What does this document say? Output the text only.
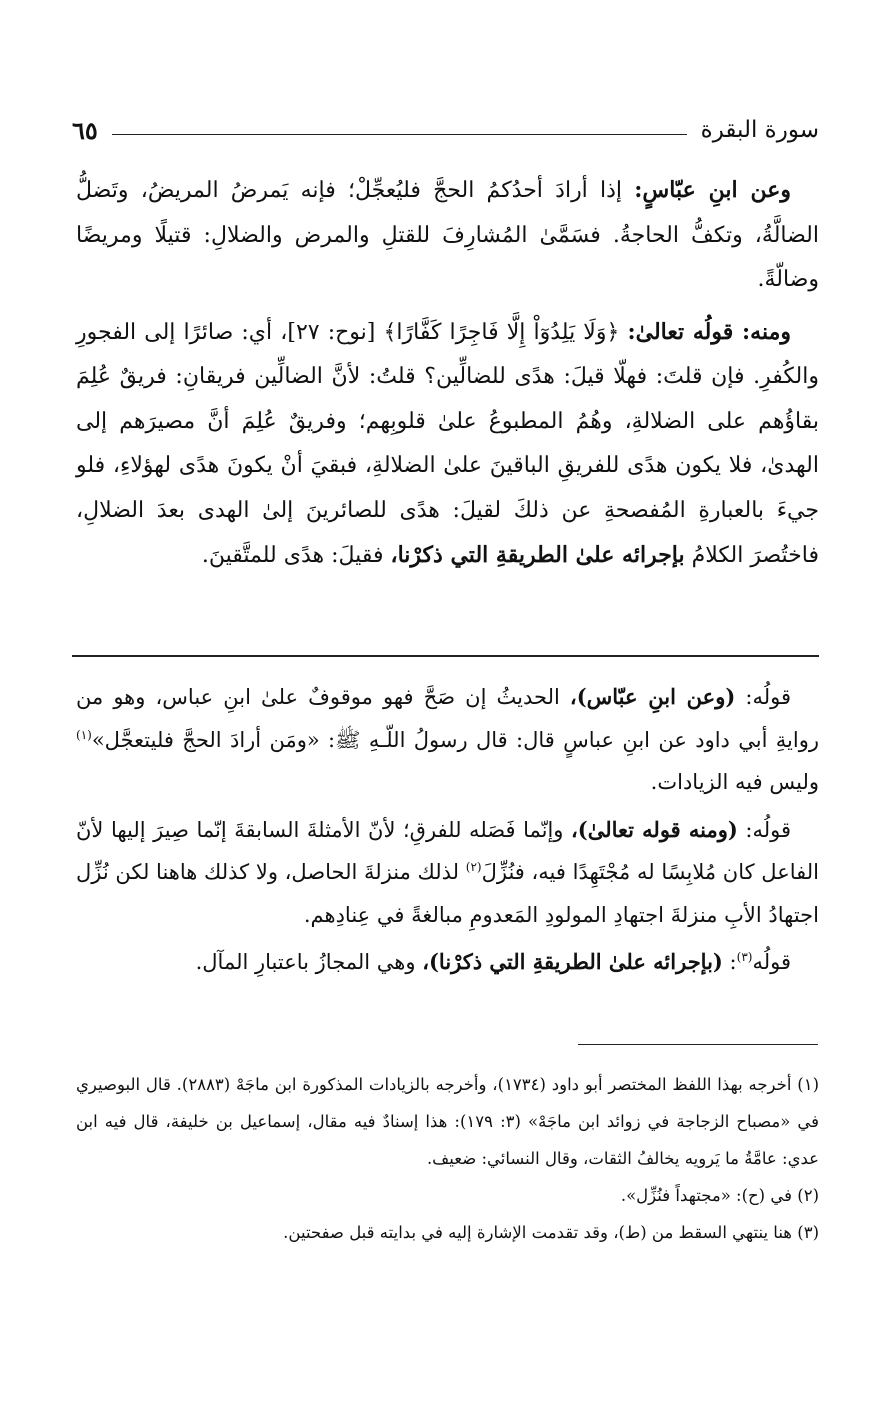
سورة البقرة
٦٥

وعن ابنِ عبّاسٍ: إذا أرادَ أحدُكمُ الحجَّ فليُعجِّلْ؛ فإنه يَمرضُ المريضُ، وتَضلُّ الضالَّةُ، وتكفُّ الحاجةُ. فسَمَّىٰ المُشارِفَ للقتلِ والمرض والضلالِ: قتيلًا ومريضًا وضالّةً.

ومنه: قولُه تعالىٰ: ﴿وَلَا يَلِدُوٓاْ إِلَّا فَاجِرًا كَفَّارًا﴾ [نوح: ٢٧]، أي: صائرًا إلى الفجورِ والكُفرِ. فإن قلتَ: فهلّا قيلَ: هدًى للضالِّين؟ قلتُ: لأنَّ الضالِّين فريقانِ: فريقٌ عُلِمَ بقاؤُهم على الضلالةِ، وهُمُ المطبوعُ علىٰ قلوبِهم؛ وفريقٌ عُلِمَ أنَّ مصيرَهم إلى الهدىٰ، فلا يكون هدًى للفريقِ الباقينَ علىٰ الضلالةِ، فبقيَ أنْ يكونَ هدًى لهؤلاءِ، فلو جيءَ بالعبارةِ المُفصحةِ عن ذلكَ لقيلَ: هدًى للصائرينَ إلىٰ الهدى بعدَ الضلالِ، فاختُصرَ الكلامُ بإجرائه علىٰ الطريقةِ التي ذكرْنا، فقيلَ: هدًى للمتَّقينَ.

قولُه: (وعن ابنِ عبّاس)، الحديثُ إن صَحَّ فهو موقوفٌ علىٰ ابنِ عباس، وهو من روايةِ أبي داود عن ابنِ عباسٍ قال: قال رسولُ اللّـهِ ﷺ: «ومَن أرادَ الحجَّ فليتعجَّل»$^{(١)}$ وليس فيه الزيادات.

قولُه: (ومنه قوله تعالىٰ)، وإنّما فَصَله للفرقِ؛ لأنّ الأمثلةَ السابقةَ إنّما صِيرَ إليها لأنّ الفاعل كان مُلابِسًا له مُجْتَهِدًا فيه، فنُزِّلَ$^{(٢)}$ لذلك منزلةَ الحاصل، ولا كذلك هاهنا لكن نُزِّل اجتهادُ الأبِ منزلةَ اجتهادِ المولودِ المَعدومِ مبالغةً في عِنادِهم.

قولُه$^{(٣)}$: (بإجرائه علىٰ الطريقةِ التي ذكرْنا)، وهي المجازُ باعتبارِ المآل.

(١) أخرجه بهذا اللفظ المختصر أبو داود (١٧٣٤)، وأخرجه بالزيادات المذكورة ابن ماجَهْ (٢٨٨٣). قال البوصيري في «مصباح الزجاجة في زوائد ابن ماجَهْ» (٣: ١٧٩): هذا إسنادٌ فيه مقال، إسماعيل بن خليفة، قال فيه ابن عدي: عامَّةُ ما يَرويه يخالفُ الثقات، وقال النسائي: ضعيف.

(٢) في (ح): «مجتهداً فنُزِّل».

(٣) هنا ينتهي السقط من (ط)، وقد تقدمت الإشارة إليه في بدايته قبل صفحتين.
